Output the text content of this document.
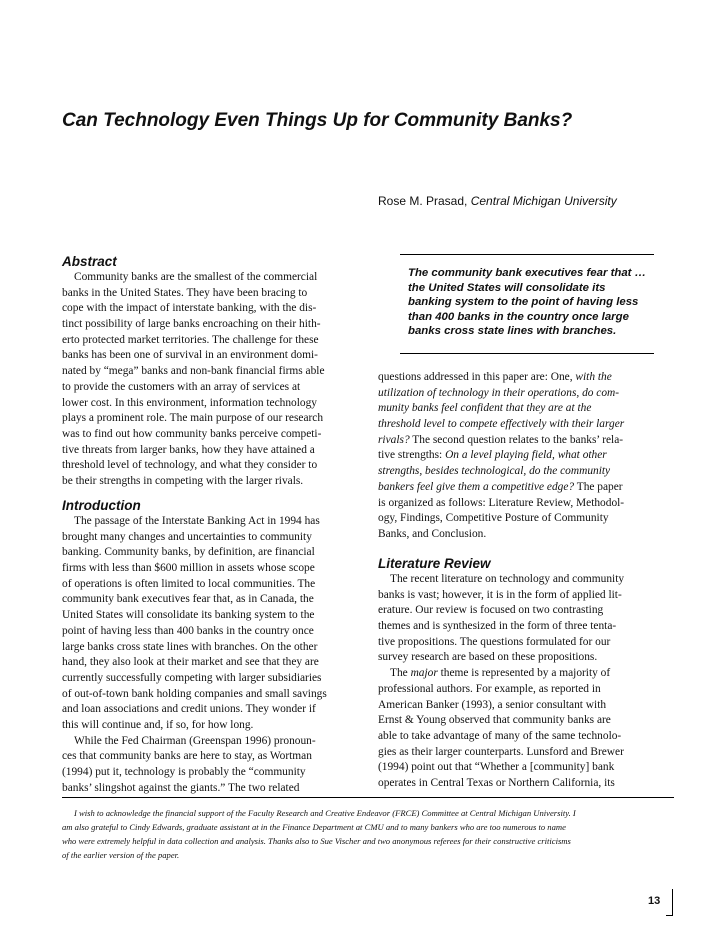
Can Technology Even Things Up for Community Banks?
Rose M. Prasad, Central Michigan University
Abstract
Community banks are the smallest of the commercial
banks in the United States. They have been bracing to
cope with the impact of interstate banking, with the dis-
tinct possibility of large banks encroaching on their hith-
erto protected market territories. The challenge for these
banks has been one of survival in an environment domi-
nated by “mega” banks and non-bank financial firms able
to provide the customers with an array of services at
lower cost. In this environment, information technology
plays a prominent role. The main purpose of our research
was to find out how community banks perceive competi-
tive threats from larger banks, how they have attained a
threshold level of technology, and what they consider to
be their strengths in competing with the larger rivals.
Introduction
The passage of the Interstate Banking Act in 1994 has
brought many changes and uncertainties to community
banking. Community banks, by definition, are financial
firms with less than $600 million in assets whose scope
of operations is often limited to local communities. The
community bank executives fear that, as in Canada, the
United States will consolidate its banking system to the
point of having less than 400 banks in the country once
large banks cross state lines with branches. On the other
hand, they also look at their market and see that they are
currently successfully competing with larger subsidiaries
of out-of-town bank holding companies and small savings
and loan associations and credit unions. They wonder if
this will continue and, if so, for how long.
While the Fed Chairman (Greenspan 1996) pronoun-
ces that community banks are here to stay, as Wortman
(1994) put it, technology is probably the “community
banks’ slingshot against the giants.” The two related
The community bank executives fear that …the United States will consolidate its banking system to the point of having less than 400 banks in the country once large banks cross state lines with branches.
questions addressed in this paper are: One, with the
utilization of technology in their operations, do com-
munity banks feel confident that they are at the
threshold level to compete effectively with their larger
rivals? The second question relates to the banks’ rela-
tive strengths: On a level playing field, what other
strengths, besides technological, do the community
bankers feel give them a competitive edge? The paper
is organized as follows: Literature Review, Methodol-
ogy, Findings, Competitive Posture of Community
Banks, and Conclusion.
Literature Review
The recent literature on technology and community
banks is vast; however, it is in the form of applied lit-
erature. Our review is focused on two contrasting
themes and is synthesized in the form of three tenta-
tive propositions. The questions formulated for our
survey research are based on these propositions.
The major theme is represented by a majority of
professional authors. For example, as reported in
American Banker (1993), a senior consultant with
Ernst & Young observed that community banks are
able to take advantage of many of the same technolo-
gies as their larger counterparts. Lunsford and Brewer
(1994) point out that “Whether a [community] bank
operates in Central Texas or Northern California, its
I wish to acknowledge the financial support of the Faculty Research and Creative Endeavor (FRCE) Committee at Central Michigan University. I
am also grateful to Cindy Edwards, graduate assistant at in the Finance Department at CMU and to many bankers who are too numerous to name
who were extremely helpful in data collection and analysis. Thanks also to Sue Vischer and two anonymous referees for their constructive criticisms
of the earlier version of the paper.
13
